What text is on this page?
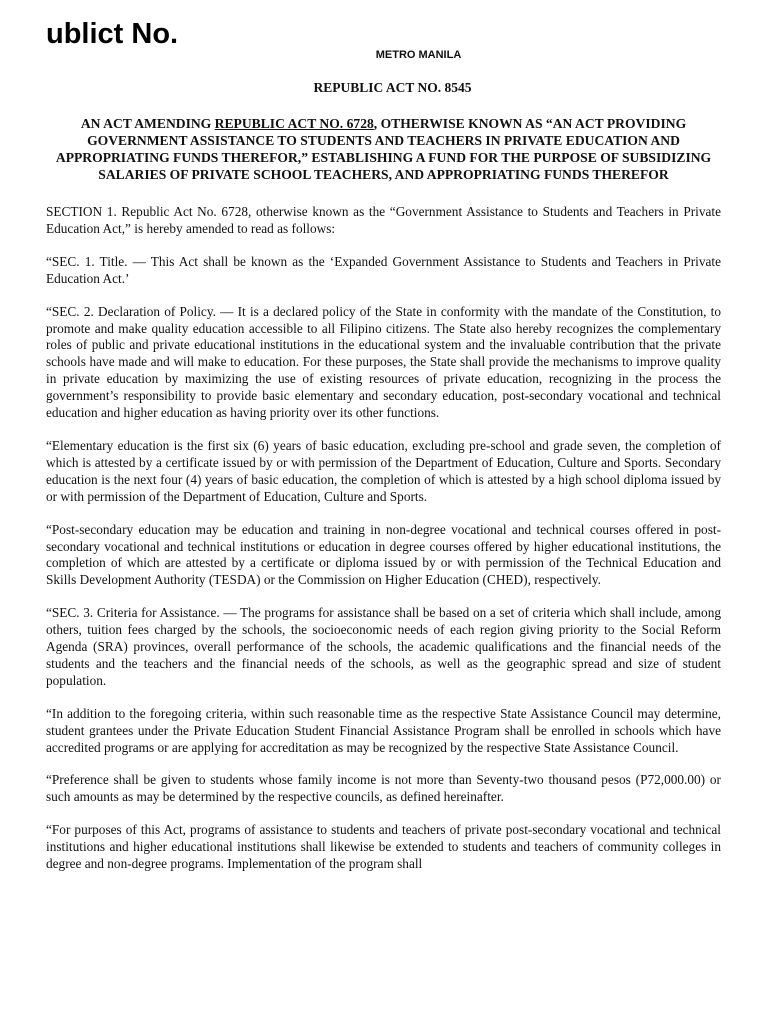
ublict No.

METRO MANILA

REPUBLIC ACT NO. 8545

AN ACT AMENDING REPUBLIC ACT NO. 6728, OTHERWISE KNOWN AS “AN ACT PROVIDING GOVERNMENT ASSISTANCE TO STUDENTS AND TEACHERS IN PRIVATE EDUCATION AND APPROPRIATING FUNDS THEREFOR,” ESTABLISHING A FUND FOR THE PURPOSE OF SUBSIDIZING SALARIES OF PRIVATE SCHOOL TEACHERS, AND APPROPRIATING FUNDS THEREFOR

SECTION 1. Republic Act No. 6728, otherwise known as the “Government Assistance to Students and Teachers in Private Education Act,” is hereby amended to read as follows:

“SEC. 1. Title. — This Act shall be known as the ‘Expanded Government Assistance to Students and Teachers in Private Education Act.’

“SEC. 2. Declaration of Policy. — It is a declared policy of the State in conformity with the mandate of the Constitution, to promote and make quality education accessible to all Filipino citizens. The State also hereby recognizes the complementary roles of public and private educational institutions in the educational system and the invaluable contribution that the private schools have made and will make to education. For these purposes, the State shall provide the mechanisms to improve quality in private education by maximizing the use of existing resources of private education, recognizing in the process the government’s responsibility to provide basic elementary and secondary education, post-secondary vocational and technical education and higher education as having priority over its other functions.

“Elementary education is the first six (6) years of basic education, excluding pre-school and grade seven, the completion of which is attested by a certificate issued by or with permission of the Department of Education, Culture and Sports. Secondary education is the next four (4) years of basic education, the completion of which is attested by a high school diploma issued by or with permission of the Department of Education, Culture and Sports.

“Post-secondary education may be education and training in non-degree vocational and technical courses offered in post-secondary vocational and technical institutions or education in degree courses offered by higher educational institutions, the completion of which are attested by a certificate or diploma issued by or with permission of the Technical Education and Skills Development Authority (TESDA) or the Commission on Higher Education (CHED), respectively.

“SEC. 3. Criteria for Assistance. — The programs for assistance shall be based on a set of criteria which shall include, among others, tuition fees charged by the schools, the socioeconomic needs of each region giving priority to the Social Reform Agenda (SRA) provinces, overall performance of the schools, the academic qualifications and the financial needs of the students and the teachers and the financial needs of the schools, as well as the geographic spread and size of student population.

“In addition to the foregoing criteria, within such reasonable time as the respective State Assistance Council may determine, student grantees under the Private Education Student Financial Assistance Program shall be enrolled in schools which have accredited programs or are applying for accreditation as may be recognized by the respective State Assistance Council.

“Preference shall be given to students whose family income is not more than Seventy-two thousand pesos (P72,000.00) or such amounts as may be determined by the respective councils, as defined hereinafter.

“For purposes of this Act, programs of assistance to students and teachers of private post-secondary vocational and technical institutions and higher educational institutions shall likewise be extended to students and teachers of community colleges in degree and non-degree programs. Implementation of the program shall
